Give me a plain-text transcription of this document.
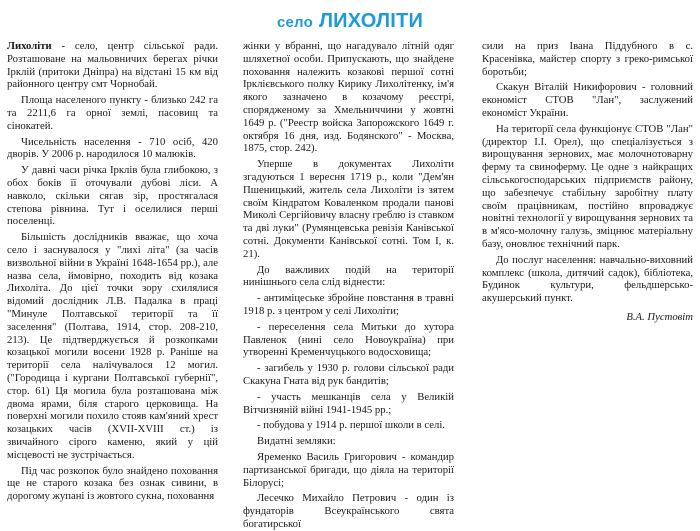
село ЛИХОЛІТИ

Лихоліти - село, центр сільської ради. Розташоване на мальовничих берегах річки Ірклій (притоки Дніпра) на відстані 15 км від районного центру смт Чорнобай.

Площа населеного пункту - близько 242 га та 2211,6 га орної землі, пасовищ та сінокатей.

Чисельність населення - 710 осіб, 420 дворів. У 2006 р. народилося 10 малюків.

У давні часи річка Ірклів була глибокою, з обох боків її оточували дубові ліси. А навколо, скільки сягав зір, простягалася степова рівнина. Тут і оселилися перші поселенці.

Більшість дослідників вважає, що хоча село і заснувалося у "лихі літа" (за часів визвольної війни в Україні 1648-1654 рр.), але назва села, ймовірно, походить від козака Лихоліта. До цієї точки зору схилялися відомий дослідник Л.В. Падалка в праці "Минуле Полтавської території та її заселення" (Полтава, 1914, стор. 208-210, 213). Це підтверджується й розкопками козацької могили восени 1928 р. Раніше на території села налічувалося 12 могил. ("Городища і кургани Полтавської губернії", стор. 61) Ця могила була розташована між двома ярами, біля старого церковища. На поверхні могили похило стояв кам'яний хрест козацьких часів (XVII-XVIII ст.) із звичайного сірого каменю, який у цій місцевості не зустрічається.

Під час розкопок було знайдено поховання ще не старого козака без ознак сивини, в дорогому жупані із жовтого сукна, поховання

жінки у вбранні, що нагадувало літній одяг шляхетної особи. Припускають, що знайдене поховання належить козакові першої сотні Ірклієвського полку Кирику Лихолітенку, ім'я якого зазначено в козачому реєстрі, спорядженому за Хмельниччини у жовтні 1649 р. ("Реестр войска Запорожского 1649 г. октября 16 дня, изд. Бодянского" - Москва, 1875, стор. 242).

Уперше в документах Лихоліти згадуються 1 вересня 1719 р., коли "Дем'ян Пшеницький, житель села Лихоліти із зятем своїм Кіндратом Коваленком продали панові Миколі Сергійовичу власну греблю із ставком та дві луки" (Румянцевська ревізія Канівської сотні. Документи Канівської сотні. Том І, к. 21).

До важливих подій на території нинішнього села слід віднести:

- антиміцеське збройне повстання в травні 1918 р. з центром у селі Лихоліти;

- переселення села Митьки до хутора Павленок (нині село Новоукраїна) при утворенні Кременчуцького водосховища;

- загибель у 1930 р. голови сільської ради Скакуна Гната від рук бандитів;

- участь мешканців села у Великій Вітчизняній війні 1941-1945 рр.;

- побудова у 1914 р. першої школи в селі.

Видатні земляки:

Яременко Василь Григорович - командир партизанської бригади, що діяла на території Білорусі;

Лесечко Михайло Петрович - один із фундаторів Всеукраїнського свята богатирської

сили на приз Івана Піддубного в с. Красенівка, майстер спорту з греко-римської боротьби;

Скакун Віталій Никифорович - головний економіст СТОВ "Лан", заслужений економіст України.

На території села функціонує СТОВ "Лан" (директор І.І. Орел), що спеціалізується з вирощування зернових, має молочнотоварну ферму та свиноферму. Це одне з найкращих сільськогосподарських підприємств району, що забезпечує стабільну заробітну плату своїм працівникам, постійно впроваджує новітні технології у вирощування зернових та в м'ясо-молочну галузь, зміцнює матеріальну базу, оновлює технічний парк.

До послуг населення: навчально-виховний комплекс (школа, дитячий садок), бібліотека, Будинок культури, фельдшерсько-акушерський пункт.

В.А. Пустовіт
